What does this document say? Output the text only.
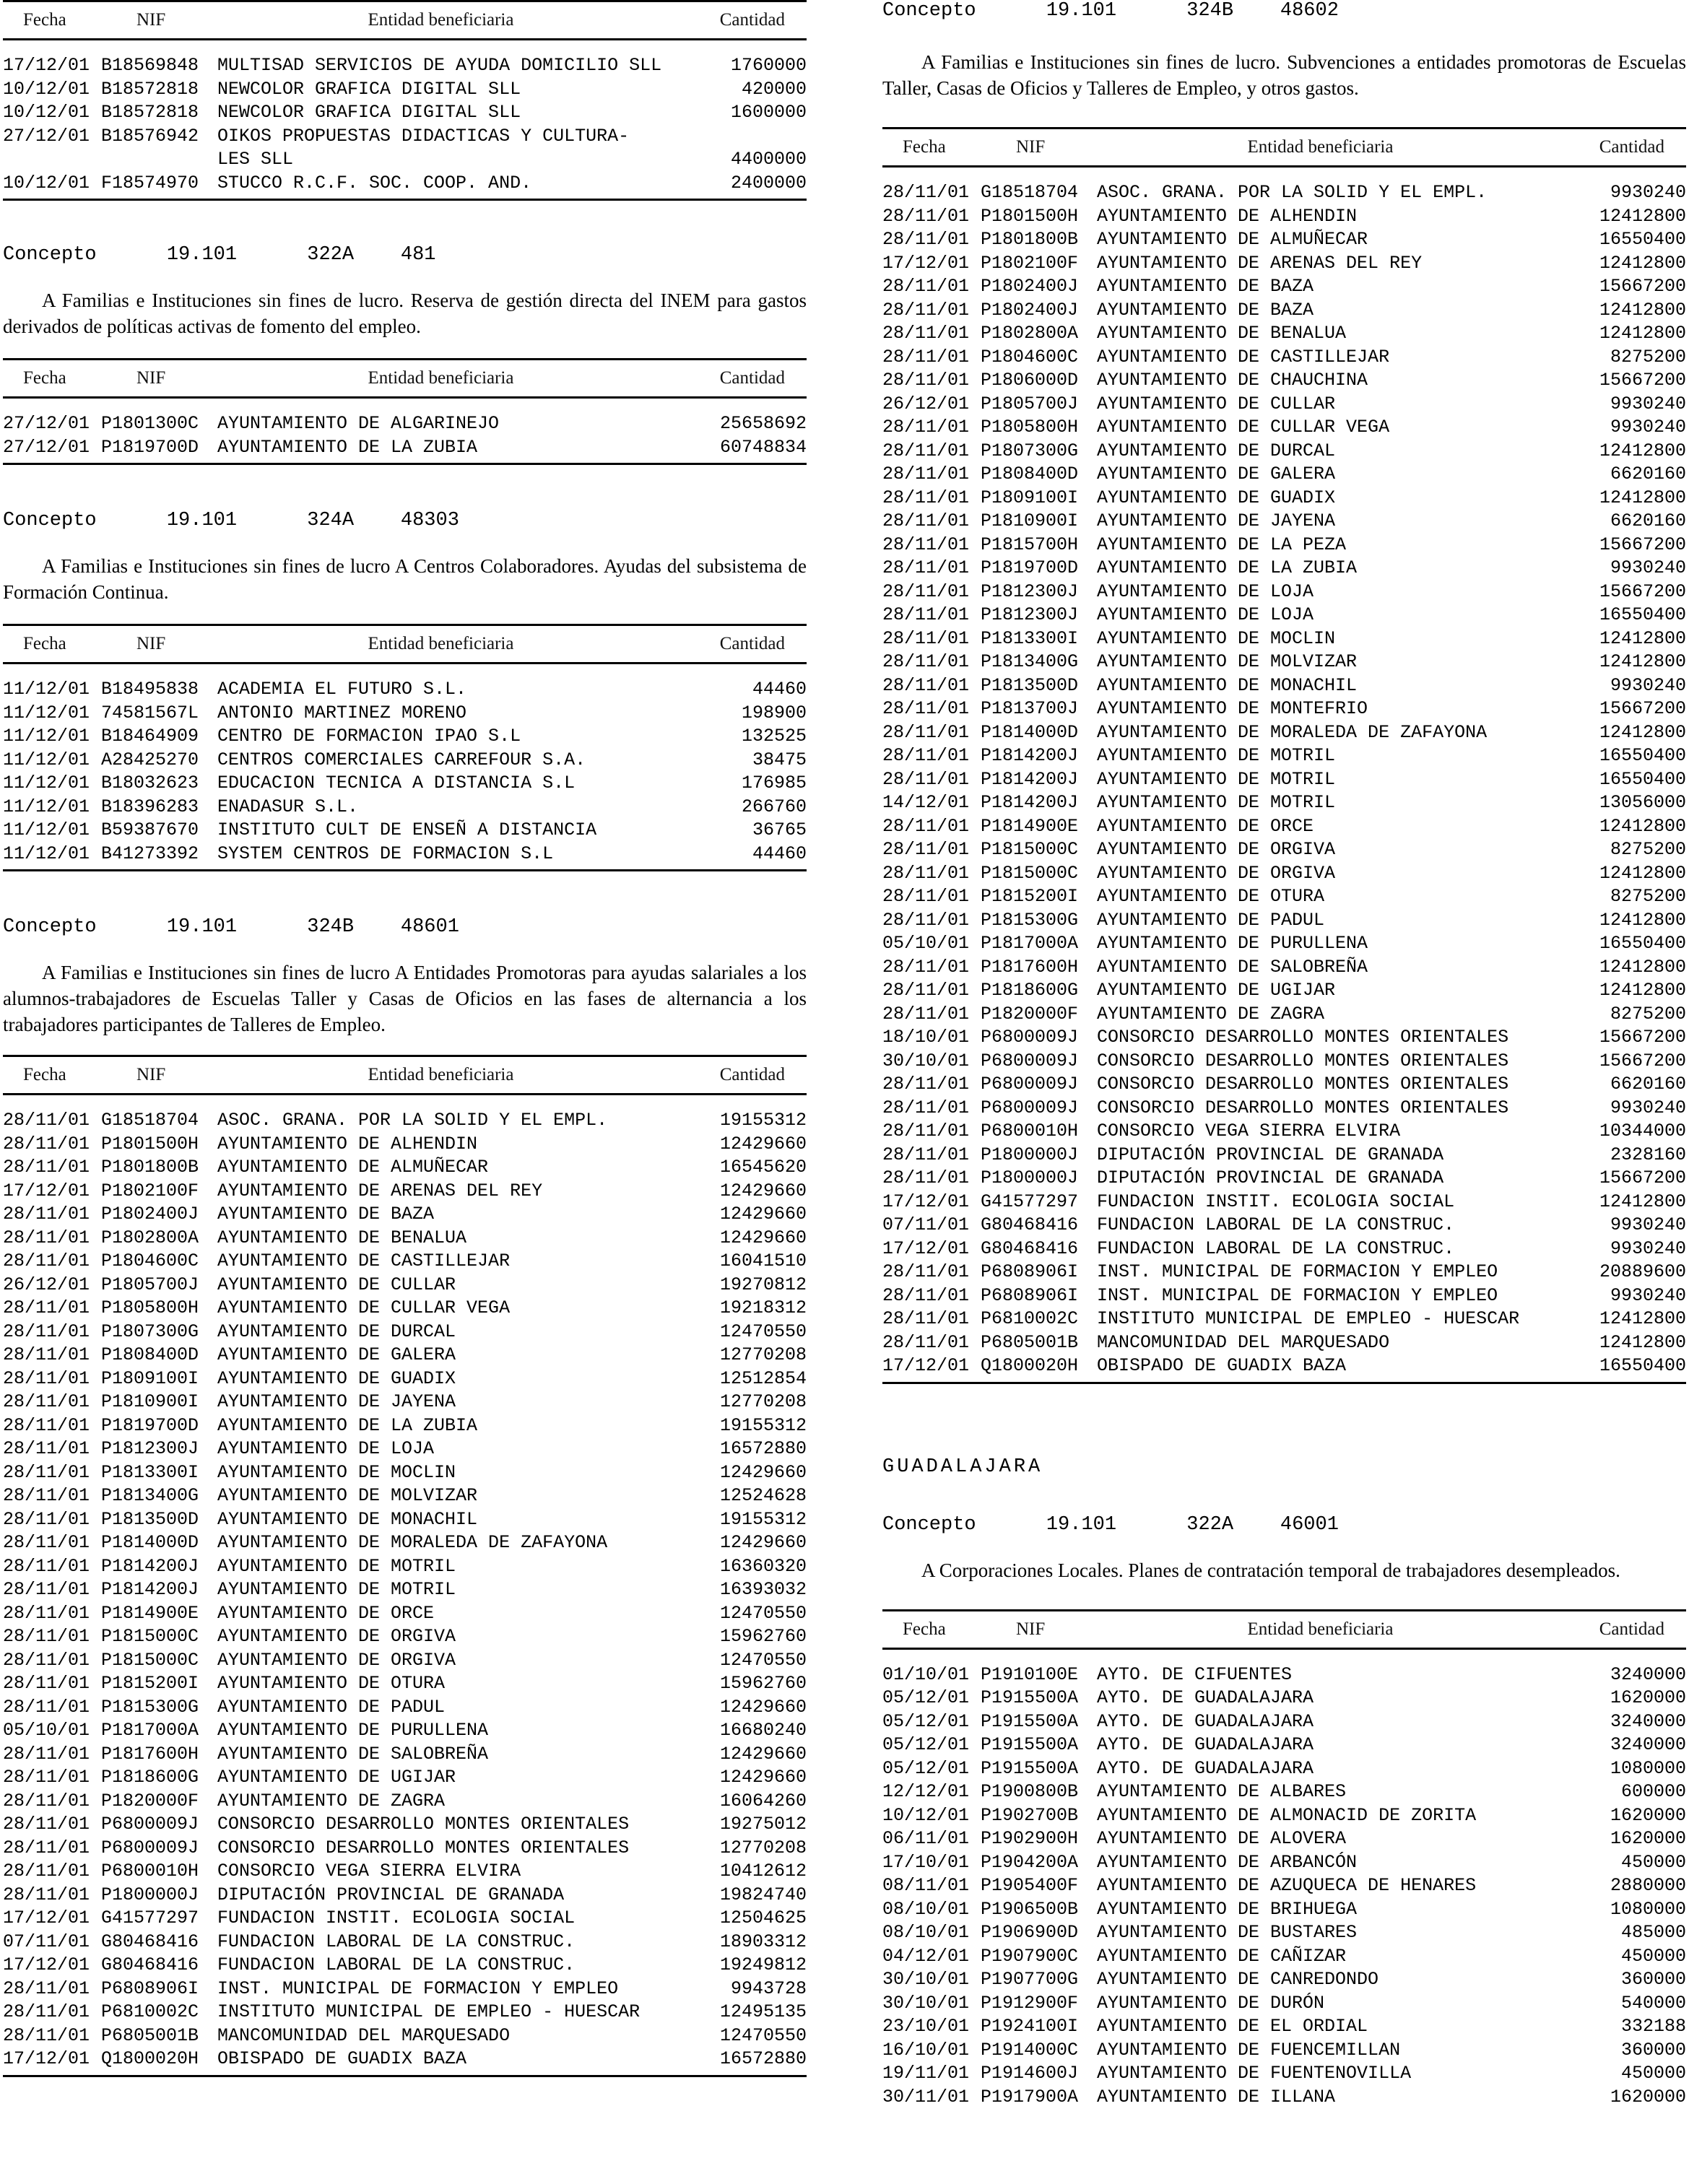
Fecha	NIF	Entidad beneficiaria	Cantidad
17/12/01 B18569848	MULTISAD SERVICIOS DE AYUDA DOMICILIO SLL	1760000
10/12/01 B18572818	NEWCOLOR GRAFICA DIGITAL SLL	420000
10/12/01 B18572818	NEWCOLOR GRAFICA DIGITAL SLL	1600000
27/12/01 B18576942	OIKOS PROPUESTAS DIDACTICAS Y CULTURA-
LES SLL	4400000
10/12/01 F18574970	STUCCO R.C.F. SOC. COOP. AND.	2400000
Concepto      19.101      322A    481

A Familias e Instituciones sin fines de lucro. Reserva de gestión directa del INEM para gastos derivados de políticas activas de fomento del empleo.

Fecha	NIF	Entidad beneficiaria	Cantidad
27/12/01 P1801300C	AYUNTAMIENTO DE ALGARINEJO	25658692
27/12/01 P1819700D	AYUNTAMIENTO DE LA ZUBIA	60748834
Concepto      19.101      324A    48303

A Familias e Instituciones sin fines de lucro A Centros Colaboradores. Ayudas del subsistema de Formación Continua.

Fecha	NIF	Entidad beneficiaria	Cantidad
11/12/01 B18495838	ACADEMIA EL FUTURO S.L.	44460
11/12/01 74581567L	ANTONIO MARTINEZ MORENO	198900
11/12/01 B18464909	CENTRO DE FORMACION IPAO S.L	132525
11/12/01 A28425270	CENTROS COMERCIALES CARREFOUR S.A.	38475
11/12/01 B18032623	EDUCACION TECNICA A DISTANCIA S.L	176985
11/12/01 B18396283	ENADASUR S.L.	266760
11/12/01 B59387670	INSTITUTO CULT DE ENSEÑ A DISTANCIA	36765
11/12/01 B41273392	SYSTEM CENTROS DE FORMACION S.L	44460
Concepto      19.101      324B    48601

A Familias e Instituciones sin fines de lucro A Entidades Promotoras para ayudas salariales a los alumnos-trabajadores de Escuelas Taller y Casas de Oficios en las fases de alternancia a los trabajadores participantes de Talleres de Empleo.

Fecha	NIF	Entidad beneficiaria	Cantidad
28/11/01 G18518704	ASOC. GRANA. POR LA SOLID Y EL EMPL.	19155312
28/11/01 P1801500H	AYUNTAMIENTO DE ALHENDIN	12429660
28/11/01 P1801800B	AYUNTAMIENTO DE ALMUÑECAR	16545620
17/12/01 P1802100F	AYUNTAMIENTO DE ARENAS DEL REY	12429660
28/11/01 P1802400J	AYUNTAMIENTO DE BAZA	12429660
28/11/01 P1802800A	AYUNTAMIENTO DE BENALUA	12429660
28/11/01 P1804600C	AYUNTAMIENTO DE CASTILLEJAR	16041510
26/12/01 P1805700J	AYUNTAMIENTO DE CULLAR	19270812
28/11/01 P1805800H	AYUNTAMIENTO DE CULLAR VEGA	19218312
28/11/01 P1807300G	AYUNTAMIENTO DE DURCAL	12470550
28/11/01 P1808400D	AYUNTAMIENTO DE GALERA	12770208
28/11/01 P1809100I	AYUNTAMIENTO DE GUADIX	12512854
28/11/01 P1810900I	AYUNTAMIENTO DE JAYENA	12770208
28/11/01 P1819700D	AYUNTAMIENTO DE LA ZUBIA	19155312
28/11/01 P1812300J	AYUNTAMIENTO DE LOJA	16572880
28/11/01 P1813300I	AYUNTAMIENTO DE MOCLIN	12429660
28/11/01 P1813400G	AYUNTAMIENTO DE MOLVIZAR	12524628
28/11/01 P1813500D	AYUNTAMIENTO DE MONACHIL	19155312
28/11/01 P1814000D	AYUNTAMIENTO DE MORALEDA DE ZAFAYONA	12429660
28/11/01 P1814200J	AYUNTAMIENTO DE MOTRIL	16360320
28/11/01 P1814200J	AYUNTAMIENTO DE MOTRIL	16393032
28/11/01 P1814900E	AYUNTAMIENTO DE ORCE	12470550
28/11/01 P1815000C	AYUNTAMIENTO DE ORGIVA	15962760
28/11/01 P1815000C	AYUNTAMIENTO DE ORGIVA	12470550
28/11/01 P1815200I	AYUNTAMIENTO DE OTURA	15962760
28/11/01 P1815300G	AYUNTAMIENTO DE PADUL	12429660
05/10/01 P1817000A	AYUNTAMIENTO DE PURULLENA	16680240
28/11/01 P1817600H	AYUNTAMIENTO DE SALOBREÑA	12429660
28/11/01 P1818600G	AYUNTAMIENTO DE UGIJAR	12429660
28/11/01 P1820000F	AYUNTAMIENTO DE ZAGRA	16064260
28/11/01 P6800009J	CONSORCIO DESARROLLO MONTES ORIENTALES	19275012
28/11/01 P6800009J	CONSORCIO DESARROLLO MONTES ORIENTALES	12770208
28/11/01 P6800010H	CONSORCIO VEGA SIERRA ELVIRA	10412612
28/11/01 P1800000J	DIPUTACIÓN PROVINCIAL DE GRANADA	19824740
17/12/01 G41577297	FUNDACION INSTIT. ECOLOGIA SOCIAL	12504625
07/11/01 G80468416	FUNDACION LABORAL DE LA CONSTRUC.	18903312
17/12/01 G80468416	FUNDACION LABORAL DE LA CONSTRUC.	19249812
28/11/01 P6808906I	INST. MUNICIPAL DE FORMACION Y EMPLEO	9943728
28/11/01 P6810002C	INSTITUTO MUNICIPAL DE EMPLEO - HUESCAR	12495135
28/11/01 P6805001B	MANCOMUNIDAD DEL MARQUESADO	12470550
17/12/01 Q1800020H	OBISPADO DE GUADIX BAZA	16572880
Concepto      19.101      324B    48602

A Familias e Instituciones sin fines de lucro. Subvenciones a entidades promotoras de Escuelas Taller, Casas de Oficios y Talleres de Empleo, y otros gastos.

Fecha	NIF	Entidad beneficiaria	Cantidad
28/11/01 G18518704	ASOC. GRANA. POR LA SOLID Y EL EMPL.	9930240
28/11/01 P1801500H	AYUNTAMIENTO DE ALHENDIN	12412800
28/11/01 P1801800B	AYUNTAMIENTO DE ALMUÑECAR	16550400
17/12/01 P1802100F	AYUNTAMIENTO DE ARENAS DEL REY	12412800
28/11/01 P1802400J	AYUNTAMIENTO DE BAZA	15667200
28/11/01 P1802400J	AYUNTAMIENTO DE BAZA	12412800
28/11/01 P1802800A	AYUNTAMIENTO DE BENALUA	12412800
28/11/01 P1804600C	AYUNTAMIENTO DE CASTILLEJAR	8275200
28/11/01 P1806000D	AYUNTAMIENTO DE CHAUCHINA	15667200
26/12/01 P1805700J	AYUNTAMIENTO DE CULLAR	9930240
28/11/01 P1805800H	AYUNTAMIENTO DE CULLAR VEGA	9930240
28/11/01 P1807300G	AYUNTAMIENTO DE DURCAL	12412800
28/11/01 P1808400D	AYUNTAMIENTO DE GALERA	6620160
28/11/01 P1809100I	AYUNTAMIENTO DE GUADIX	12412800
28/11/01 P1810900I	AYUNTAMIENTO DE JAYENA	6620160
28/11/01 P1815700H	AYUNTAMIENTO DE LA PEZA	15667200
28/11/01 P1819700D	AYUNTAMIENTO DE LA ZUBIA	9930240
28/11/01 P1812300J	AYUNTAMIENTO DE LOJA	15667200
28/11/01 P1812300J	AYUNTAMIENTO DE LOJA	16550400
28/11/01 P1813300I	AYUNTAMIENTO DE MOCLIN	12412800
28/11/01 P1813400G	AYUNTAMIENTO DE MOLVIZAR	12412800
28/11/01 P1813500D	AYUNTAMIENTO DE MONACHIL	9930240
28/11/01 P1813700J	AYUNTAMIENTO DE MONTEFRIO	15667200
28/11/01 P1814000D	AYUNTAMIENTO DE MORALEDA DE ZAFAYONA	12412800
28/11/01 P1814200J	AYUNTAMIENTO DE MOTRIL	16550400
28/11/01 P1814200J	AYUNTAMIENTO DE MOTRIL	16550400
14/12/01 P1814200J	AYUNTAMIENTO DE MOTRIL	13056000
28/11/01 P1814900E	AYUNTAMIENTO DE ORCE	12412800
28/11/01 P1815000C	AYUNTAMIENTO DE ORGIVA	8275200
28/11/01 P1815000C	AYUNTAMIENTO DE ORGIVA	12412800
28/11/01 P1815200I	AYUNTAMIENTO DE OTURA	8275200
28/11/01 P1815300G	AYUNTAMIENTO DE PADUL	12412800
05/10/01 P1817000A	AYUNTAMIENTO DE PURULLENA	16550400
28/11/01 P1817600H	AYUNTAMIENTO DE SALOBREÑA	12412800
28/11/01 P1818600G	AYUNTAMIENTO DE UGIJAR	12412800
28/11/01 P1820000F	AYUNTAMIENTO DE ZAGRA	8275200
18/10/01 P6800009J	CONSORCIO DESARROLLO MONTES ORIENTALES	15667200
30/10/01 P6800009J	CONSORCIO DESARROLLO MONTES ORIENTALES	15667200
28/11/01 P6800009J	CONSORCIO DESARROLLO MONTES ORIENTALES	6620160
28/11/01 P6800009J	CONSORCIO DESARROLLO MONTES ORIENTALES	9930240
28/11/01 P6800010H	CONSORCIO VEGA SIERRA ELVIRA	10344000
28/11/01 P1800000J	DIPUTACIÓN PROVINCIAL DE GRANADA	2328160
28/11/01 P1800000J	DIPUTACIÓN PROVINCIAL DE GRANADA	15667200
17/12/01 G41577297	FUNDACION INSTIT. ECOLOGIA SOCIAL	12412800
07/11/01 G80468416	FUNDACION LABORAL DE LA CONSTRUC.	9930240
17/12/01 G80468416	FUNDACION LABORAL DE LA CONSTRUC.	9930240
28/11/01 P6808906I	INST. MUNICIPAL DE FORMACION Y EMPLEO	20889600
28/11/01 P6808906I	INST. MUNICIPAL DE FORMACION Y EMPLEO	9930240
28/11/01 P6810002C	INSTITUTO MUNICIPAL DE EMPLEO - HUESCAR	12412800
28/11/01 P6805001B	MANCOMUNIDAD DEL MARQUESADO	12412800
17/12/01 Q1800020H	OBISPADO DE GUADIX BAZA	16550400
GUADALAJARA
Concepto      19.101      322A    46001

A Corporaciones Locales. Planes de contratación temporal de trabajadores desempleados.

Fecha	NIF	Entidad beneficiaria	Cantidad
01/10/01 P1910100E	AYTO. DE CIFUENTES	3240000
05/12/01 P1915500A	AYTO. DE GUADALAJARA	1620000
05/12/01 P1915500A	AYTO. DE GUADALAJARA	3240000
05/12/01 P1915500A	AYTO. DE GUADALAJARA	3240000
05/12/01 P1915500A	AYTO. DE GUADALAJARA	1080000
12/12/01 P1900800B	AYUNTAMIENTO DE ALBARES	600000
10/12/01 P1902700B	AYUNTAMIENTO DE ALMONACID DE ZORITA	1620000
06/11/01 P1902900H	AYUNTAMIENTO DE ALOVERA	1620000
17/10/01 P1904200A	AYUNTAMIENTO DE ARBANCÓN	450000
08/11/01 P1905400F	AYUNTAMIENTO DE AZUQUECA DE HENARES	2880000
08/10/01 P1906500B	AYUNTAMIENTO DE BRIHUEGA	1080000
08/10/01 P1906900D	AYUNTAMIENTO DE BUSTARES	485000
04/12/01 P1907900C	AYUNTAMIENTO DE CAÑIZAR	450000
30/10/01 P1907700G	AYUNTAMIENTO DE CANREDONDO	360000
30/10/01 P1912900F	AYUNTAMIENTO DE DURÓN	540000
23/10/01 P1924100I	AYUNTAMIENTO DE EL ORDIAL	332188
16/10/01 P1914000C	AYUNTAMIENTO DE FUENCEMILLAN	360000
19/11/01 P1914600J	AYUNTAMIENTO DE FUENTENOVILLA	450000
30/11/01 P1917900A	AYUNTAMIENTO DE ILLANA	1620000
